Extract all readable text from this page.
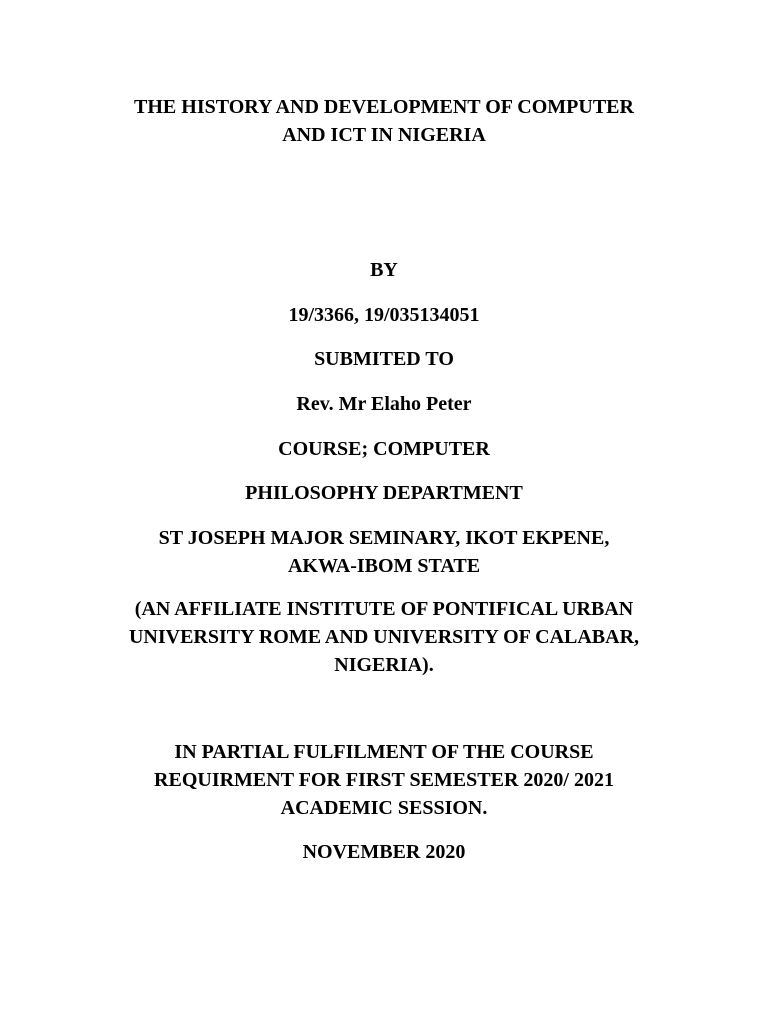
THE HISTORY AND DEVELOPMENT OF COMPUTER
AND ICT IN NIGERIA
BY
19/3366, 19/035134051
SUBMITED TO
Rev. Mr Elaho Peter
COURSE; COMPUTER
PHILOSOPHY DEPARTMENT
ST JOSEPH MAJOR SEMINARY, IKOT EKPENE,
AKWA-IBOM STATE
(AN AFFILIATE INSTITUTE OF PONTIFICAL URBAN
UNIVERSITY ROME AND UNIVERSITY OF CALABAR,
NIGERIA).
IN PARTIAL FULFILMENT OF THE COURSE
REQUIRMENT FOR FIRST SEMESTER 2020/ 2021
ACADEMIC SESSION.
NOVEMBER 2020
